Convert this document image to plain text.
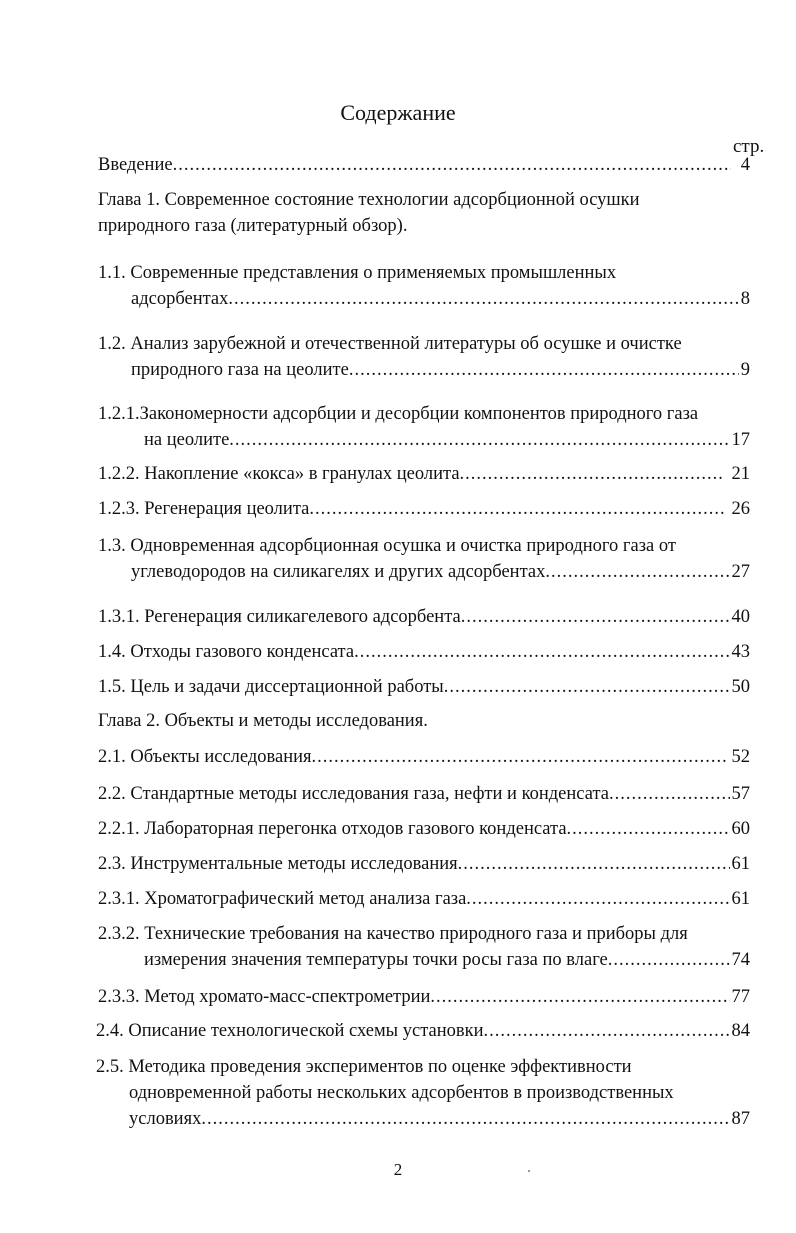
Содержание
стр.
Введение .....	4
Глава 1. Современное состояние технологии адсорбционной осушки
природного газа (литературный обзор).
1.1. Современные представления о применяемых промышленных
адсорбентах .....	8
1.2. Анализ зарубежной и отечественной литературы об осушке и очистке
природного газа на цеолите .....	9
1.2.1.Закономерности адсорбции и десорбции компонентов природного газа
на цеолите .....	17
1.2.2. Накопление «кокса» в гранулах цеолита .....	21
1.2.3. Регенерация цеолита .....	26
1.3. Одновременная адсорбционная осушка и очистка природного газа от
углеводородов на силикагелях и других адсорбентах .....	27
1.3.1. Регенерация силикагелевого адсорбента .....	40
1.4. Отходы газового конденсата .....	43
1.5. Цель и задачи диссертационной работы .....	50
Глава 2. Объекты и методы исследования.
2.1. Объекты исследования .....	52
2.2. Стандартные методы исследования газа, нефти и конденсата .....	57
2.2.1. Лабораторная перегонка отходов газового конденсата .....	60
2.3. Инструментальные методы исследования .....	61
2.3.1. Хроматографический метод анализа газа .....	61
2.3.2. Технические требования на качество природного газа и приборы для
измерения значения температуры точки росы газа по влаге .....	74
2.3.3. Метод хромато-масс-спектрометрии .....	77
2.4. Описание технологической схемы установки .....	84
2.5. Методика проведения экспериментов по оценке эффективности
одновременной работы нескольких адсорбентов в производственных
условиях .....	87
2
